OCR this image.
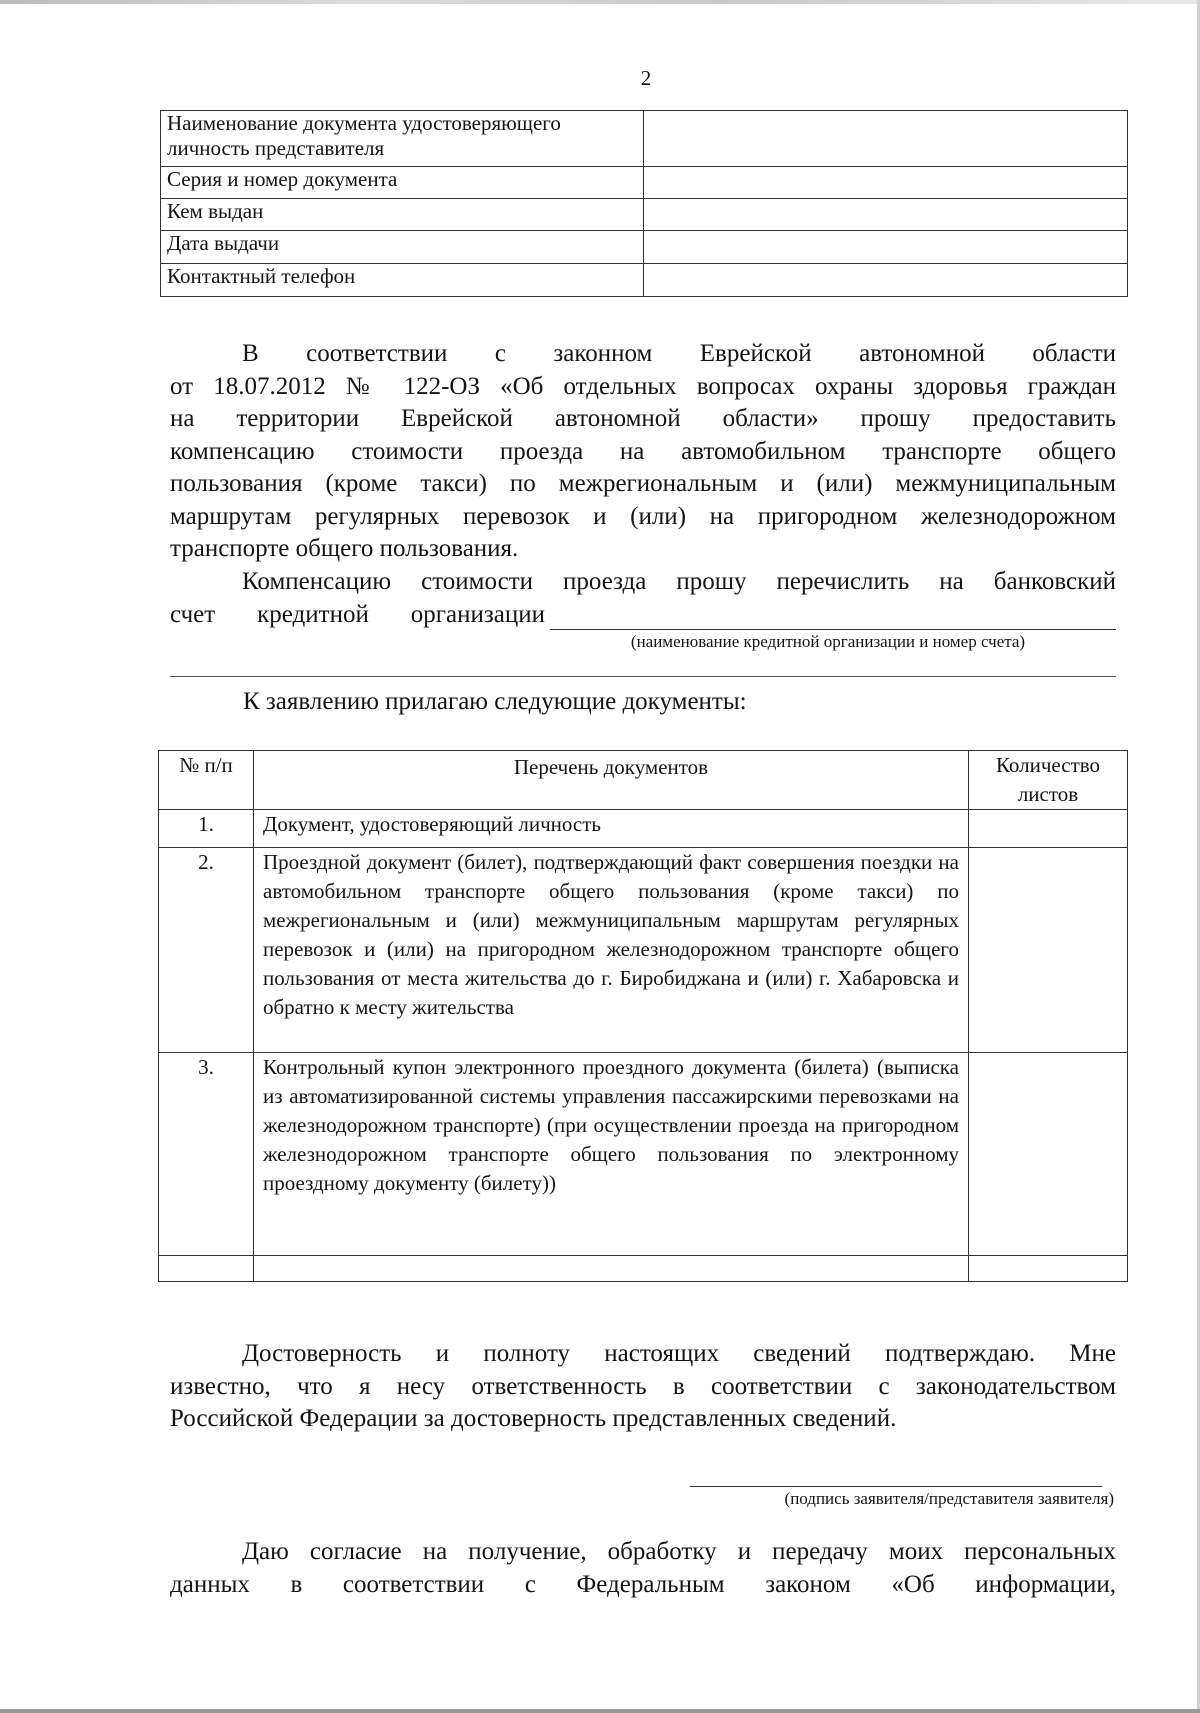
2
Наименование документа удостоверяющего личность представителя	
Серия и номер документа	
Кем выдан	
Дата выдачи	
Контактный телефон	
В соответствии с законном Еврейской автономной области
от 18.07.2012 № 122-ОЗ «Об отдельных вопросах охраны здоровья граждан
на территории Еврейской автономной области» прошу предоставить
компенсацию стоимости проезда на автомобильном транспорте общего
пользования (кроме такси) по межрегиональным и (или) межмуниципальным
маршрутам регулярных перевозок и (или) на пригородном железнодорожном
транспорте общего пользования.
Компенсацию стоимости проезда прошу перечислить на банковский
счет кредитной организации
(наименование кредитной организации и номер счета)
К заявлению прилагаю следующие документы:
№ п/п	Перечень документов	Количество листов
1.	Документ, удостоверяющий личность	
2.	Проездной документ (билет), подтверждающий факт совершения поездки на автомобильном транспорте общего пользования (кроме такси) по межрегиональным и (или) межмуниципальным маршрутам регулярных перевозок и (или) на пригородном железнодорожном транспорте общего пользования от места жительства до г. Биробиджана и (или) г. Хабаровска и обратно к месту жительства	
3.	Контрольный купон электронного проездного документа (билета) (выписка из автоматизированной системы управления пассажирскими перевозками на железнодорожном транспорте) (при осуществлении проезда на пригородном железнодорожном транспорте общего пользования по электронному проездному документу (билету))	

Достоверность и полноту настоящих сведений подтверждаю. Мне
известно, что я несу ответственность в соответствии с законодательством
Российской Федерации за достоверность представленных сведений.
(подпись заявителя/представителя заявителя)
Даю согласие на получение, обработку и передачу моих персональных
данных в соответствии с Федеральным законом «Об информации,
